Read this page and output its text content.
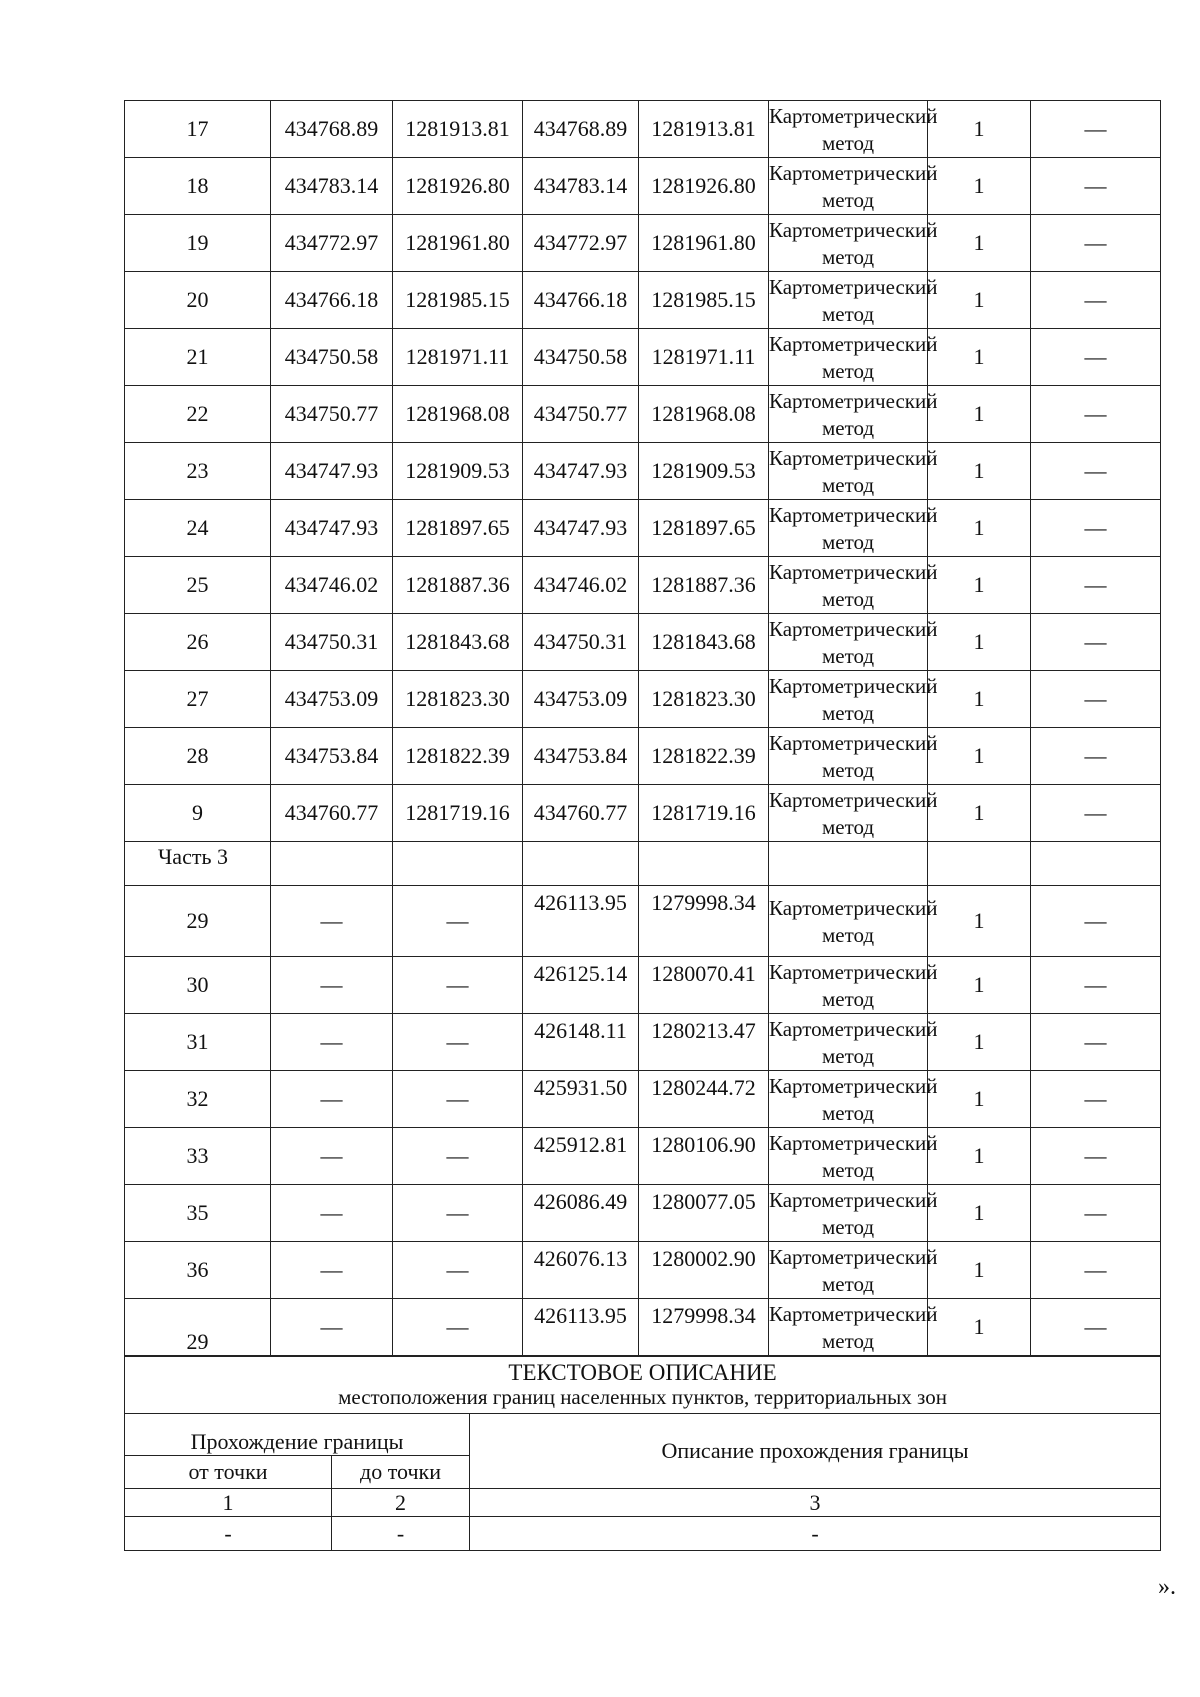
17	434768.89	1281913.81	434768.89	1281913.81	Картометрический метод	1	—
18	434783.14	1281926.80	434783.14	1281926.80	Картометрический метод	1	—
19	434772.97	1281961.80	434772.97	1281961.80	Картометрический метод	1	—
20	434766.18	1281985.15	434766.18	1281985.15	Картометрический метод	1	—
21	434750.58	1281971.11	434750.58	1281971.11	Картометрический метод	1	—
22	434750.77	1281968.08	434750.77	1281968.08	Картометрический метод	1	—
23	434747.93	1281909.53	434747.93	1281909.53	Картометрический метод	1	—
24	434747.93	1281897.65	434747.93	1281897.65	Картометрический метод	1	—
25	434746.02	1281887.36	434746.02	1281887.36	Картометрический метод	1	—
26	434750.31	1281843.68	434750.31	1281843.68	Картометрический метод	1	—
27	434753.09	1281823.30	434753.09	1281823.30	Картометрический метод	1	—
28	434753.84	1281822.39	434753.84	1281822.39	Картометрический метод	1	—
9	434760.77	1281719.16	434760.77	1281719.16	Картометрический метод	1	—
Часть 3							
29	—	—	426113.95	1279998.34	Картометрический метод	1	—
30	—	—	426125.14	1280070.41	Картометрический метод	1	—
31	—	—	426148.11	1280213.47	Картометрический метод	1	—
32	—	—	425931.50	1280244.72	Картометрический метод	1	—
33	—	—	425912.81	1280106.90	Картометрический метод	1	—
35	—	—	426086.49	1280077.05	Картометрический метод	1	—
36	—	—	426076.13	1280002.90	Картометрический метод	1	—
29	—	—	426113.95	1279998.34	Картометрический метод	1	—
ТЕКСТОВОЕ ОПИСАНИЕ
местоположения границ населенных пунктов, территориальных зон		

Прохождение границы		Описание прохождения границы
от точки	до точки	
1	2	3
-	-	-
».
